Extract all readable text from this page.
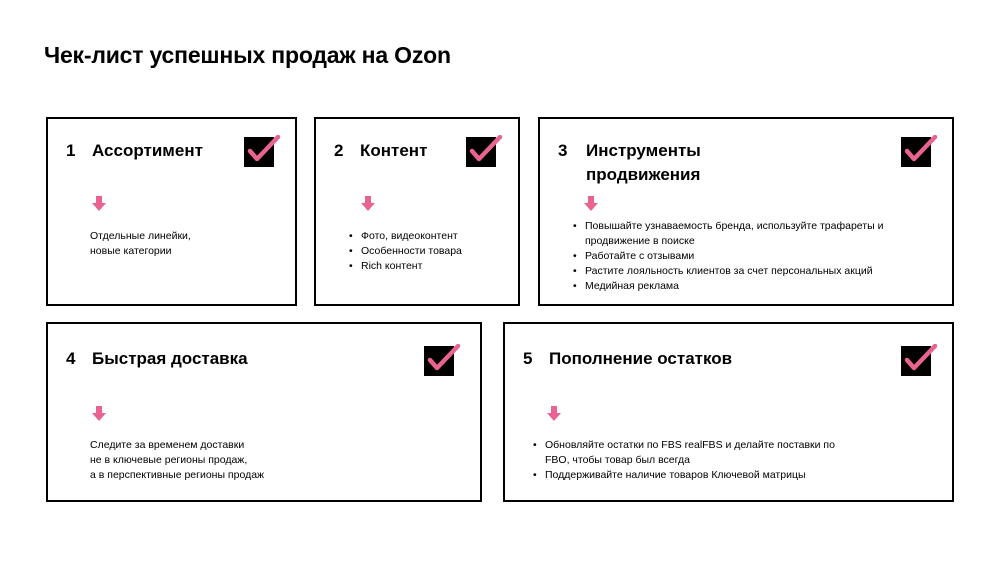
Чек-лист успешных продаж на Ozon
1 Ассортимент
Отдельные линейки,
новые категории
2 Контент
• Фото, видеоконтент
• Особенности товара
• Rich контент
3 Инструменты
продвижения
• Повышайте узнаваемость бренда, используйте трафареты и продвижение в поиске
• Работайте с отзывами
• Растите лояльность клиентов за счет персональных акций
• Медийная реклама
4 Быстрая доставка
Следите за временем доставки
не в ключевые регионы продаж,
а в перспективные регионы продаж
5 Пополнение остатков
• Обновляйте остатки по FBS realFBS и делайте поставки по FBO, чтобы товар был всегда
• Поддерживайте наличие товаров Ключевой матрицы
